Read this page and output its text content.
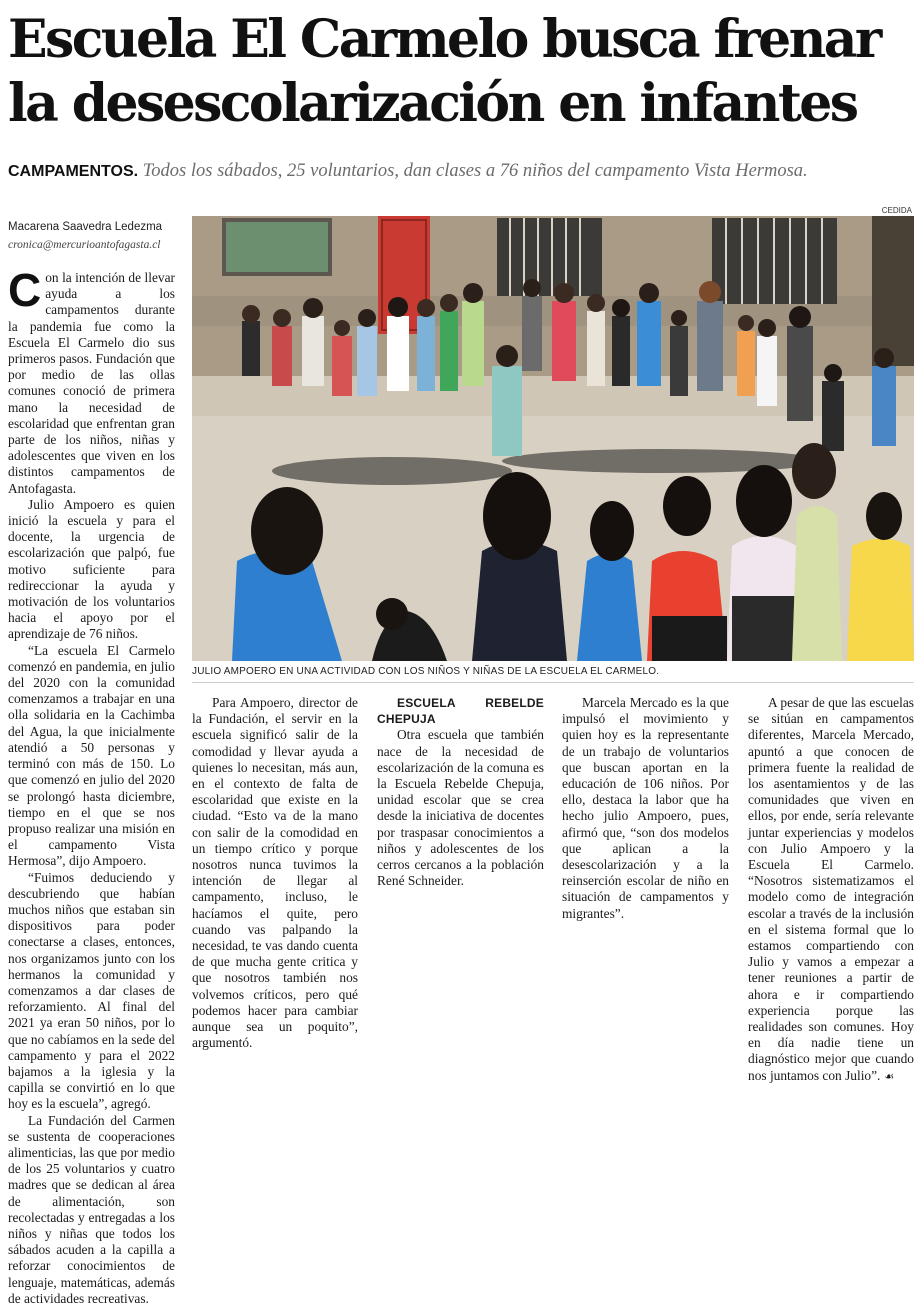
Escuela El Carmelo busca frenar la desescolarización en infantes
CAMPAMENTOS. Todos los sábados, 25 voluntarios, dan clases a 76 niños del campamento Vista Hermosa.
Macarena Saavedra Ledezma
cronica@mercurioantofagasta.cl
CEDIDA
JULIO AMPOERO EN UNA ACTIVIDAD CON LOS NIÑOS Y NIÑAS DE LA ESCUELA EL CARMELO.

Con la intención de llevar ayuda a los campamentos durante la pandemia fue como la Escuela El Carmelo dio sus primeros pasos. Fundación que por medio de las ollas comunes conoció de primera mano la necesidad de escolaridad que enfrentan gran parte de los niños, niñas y adolescentes que viven en los distintos campamentos de Antofagasta.

Julio Ampoero es quien inició la escuela y para el docente, la urgencia de escolarización que palpó, fue motivo suficiente para redireccionar la ayuda y motivación de los voluntarios hacia el apoyo por el aprendizaje de 76 niños.

“La escuela El Carmelo comenzó en pandemia, en julio del 2020 con la comunidad comenzamos a trabajar en una olla solidaria en la Cachimba del Agua, la que inicialmente atendió a 50 personas y terminó con más de 150. Lo que comenzó en julio del 2020 se prolongó hasta diciembre, tiempo en el que se nos propuso realizar una misión en el campamento Vista Hermosa”, dijo Ampoero.

“Fuimos deduciendo y descubriendo que habían muchos niños que estaban sin dispositivos para poder conectarse a clases, entonces, nos organizamos junto con los hermanos la comunidad y comenzamos a dar clases de reforzamiento. Al final del 2021 ya eran 50 niños, por lo que no cabíamos en la sede del campamento y para el 2022 bajamos a la iglesia y la capilla se convirtió en lo que hoy es la escuela”, agregó.

La Fundación del Carmen se sustenta de cooperaciones alimenticias, las que por medio de los 25 voluntarios y cuatro madres que se dedican al área de alimentación, son recolectadas y entregadas a los niños y niñas que todos los sábados acuden a la capilla a reforzar conocimientos de lenguaje, matemáticas, además de actividades recreativas.

Para Ampoero, director de la Fundación, el servir en la escuela significó salir de la comodidad y llevar ayuda a quienes lo necesitan, más aun, en el contexto de falta de escolaridad que existe en la ciudad. “Esto va de la mano con salir de la comodidad en un tiempo crítico y porque nosotros nunca tuvimos la intención de llegar al campamento, incluso, le hacíamos el quite, pero cuando vas palpando la necesidad, te vas dando cuenta de que mucha gente critica y que nosotros también nos volvemos críticos, pero qué podemos hacer para cambiar aunque sea un poquito”, argumentó.

ESCUELA REBELDE CHEPUJA

Otra escuela que también nace de la necesidad de escolarización de la comuna es la Escuela Rebelde Chepuja, unidad escolar que se crea desde la iniciativa de docentes por traspasar conocimientos a niños y adolescentes de los cerros cercanos a la población René Schneider.

Marcela Mercado es la que impulsó el movimiento y quien hoy es la representante de un trabajo de voluntarios que buscan aportan en la educación de 106 niños. Por ello, destaca la labor que ha hecho julio Ampoero, pues, afirmó que, “son dos modelos que aplican a la desescolarización y a la reinserción escolar de niño en situación de campamentos y migrantes”.

A pesar de que las escuelas se sitúan en campamentos diferentes, Marcela Mercado, apuntó a que conocen de primera fuente la realidad de los asentamientos y de las comunidades que viven en ellos, por ende, sería relevante juntar experiencias y modelos con Julio Ampoero y la Escuela El Carmelo. “Nosotros sistematizamos el modelo como de integración escolar a través de la inclusión en el sistema formal que lo estamos compartiendo con Julio y vamos a empezar a tener reuniones a partir de ahora e ir compartiendo experiencia porque las realidades son comunes. Hoy en día nadie tiene un diagnóstico mejor que cuando nos juntamos con Julio”. ☙
